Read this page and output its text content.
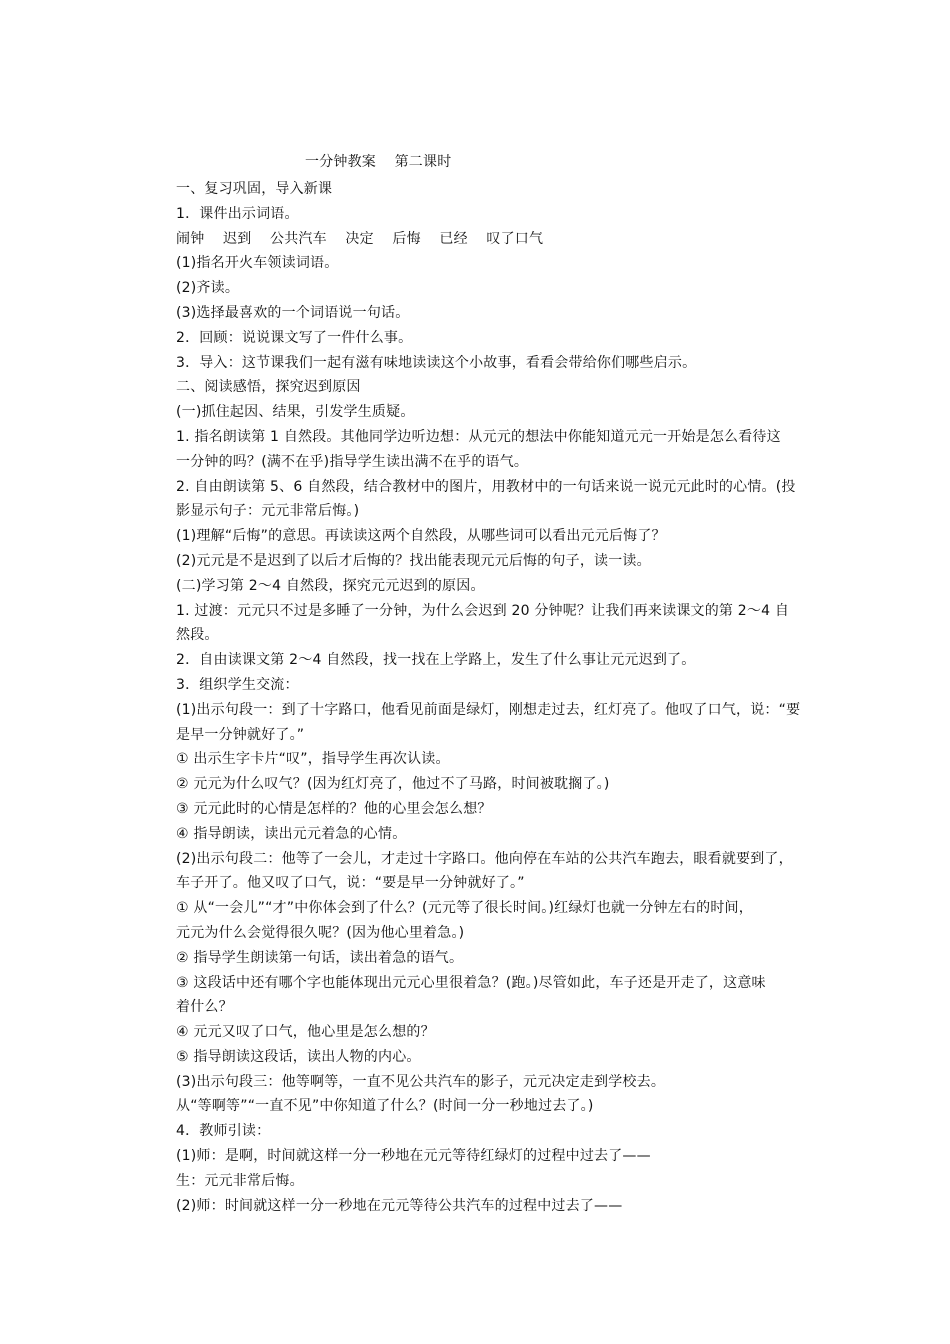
一分钟教案    第二课时
一、复习巩固，导入新课
1．课件出示词语。
闹钟    迟到    公共汽车    决定    后悔    已经    叹了口气
(1)指名开火车领读词语。
(2)齐读。
(3)选择最喜欢的一个词语说一句话。
2．回顾：说说课文写了一件什么事。
3．导入：这节课我们一起有滋有味地读读这个小故事，看看会带给你们哪些启示。
二、阅读感悟，探究迟到原因
(一)抓住起因、结果，引发学生质疑。
1. 指名朗读第 1 自然段。其他同学边听边想：从元元的想法中你能知道元元一开始是怎么看待这
一分钟的吗？(满不在乎)指导学生读出满不在乎的语气。
2. 自由朗读第 5、6 自然段，结合教材中的图片，用教材中的一句话来说一说元元此时的心情。(投
影显示句子：元元非常后悔。)
(1)理解“后悔”的意思。再读读这两个自然段，从哪些词可以看出元元后悔了？
(2)元元是不是迟到了以后才后悔的？找出能表现元元后悔的句子，读一读。
(二)学习第 2～4 自然段，探究元元迟到的原因。
1. 过渡：元元只不过是多睡了一分钟，为什么会迟到 20 分钟呢？让我们再来读课文的第 2～4 自
然段。
2．自由读课文第 2～4 自然段，找一找在上学路上，发生了什么事让元元迟到了。
3．组织学生交流：
(1)出示句段一：到了十字路口，他看见前面是绿灯，刚想走过去，红灯亮了。他叹了口气，说：“要
是早一分钟就好了。”
① 出示生字卡片“叹”，指导学生再次认读。
② 元元为什么叹气？(因为红灯亮了，他过不了马路，时间被耽搁了。)
③ 元元此时的心情是怎样的？他的心里会怎么想？
④ 指导朗读，读出元元着急的心情。
(2)出示句段二：他等了一会儿，才走过十字路口。他向停在车站的公共汽车跑去，眼看就要到了，
车子开了。他又叹了口气，说：“要是早一分钟就好了。”
① 从“一会儿”“才”中你体会到了什么？(元元等了很长时间。)红绿灯也就一分钟左右的时间，
元元为什么会觉得很久呢？(因为他心里着急。)
② 指导学生朗读第一句话，读出着急的语气。
③ 这段话中还有哪个字也能体现出元元心里很着急？(跑。)尽管如此，车子还是开走了，这意味
着什么？
④ 元元又叹了口气，他心里是怎么想的？
⑤ 指导朗读这段话，读出人物的内心。
(3)出示句段三：他等啊等，一直不见公共汽车的影子，元元决定走到学校去。
从“等啊等”“一直不见”中你知道了什么？(时间一分一秒地过去了。)
4．教师引读：
(1)师：是啊，时间就这样一分一秒地在元元等待红绿灯的过程中过去了——
生：元元非常后悔。
(2)师：时间就这样一分一秒地在元元等待公共汽车的过程中过去了——
